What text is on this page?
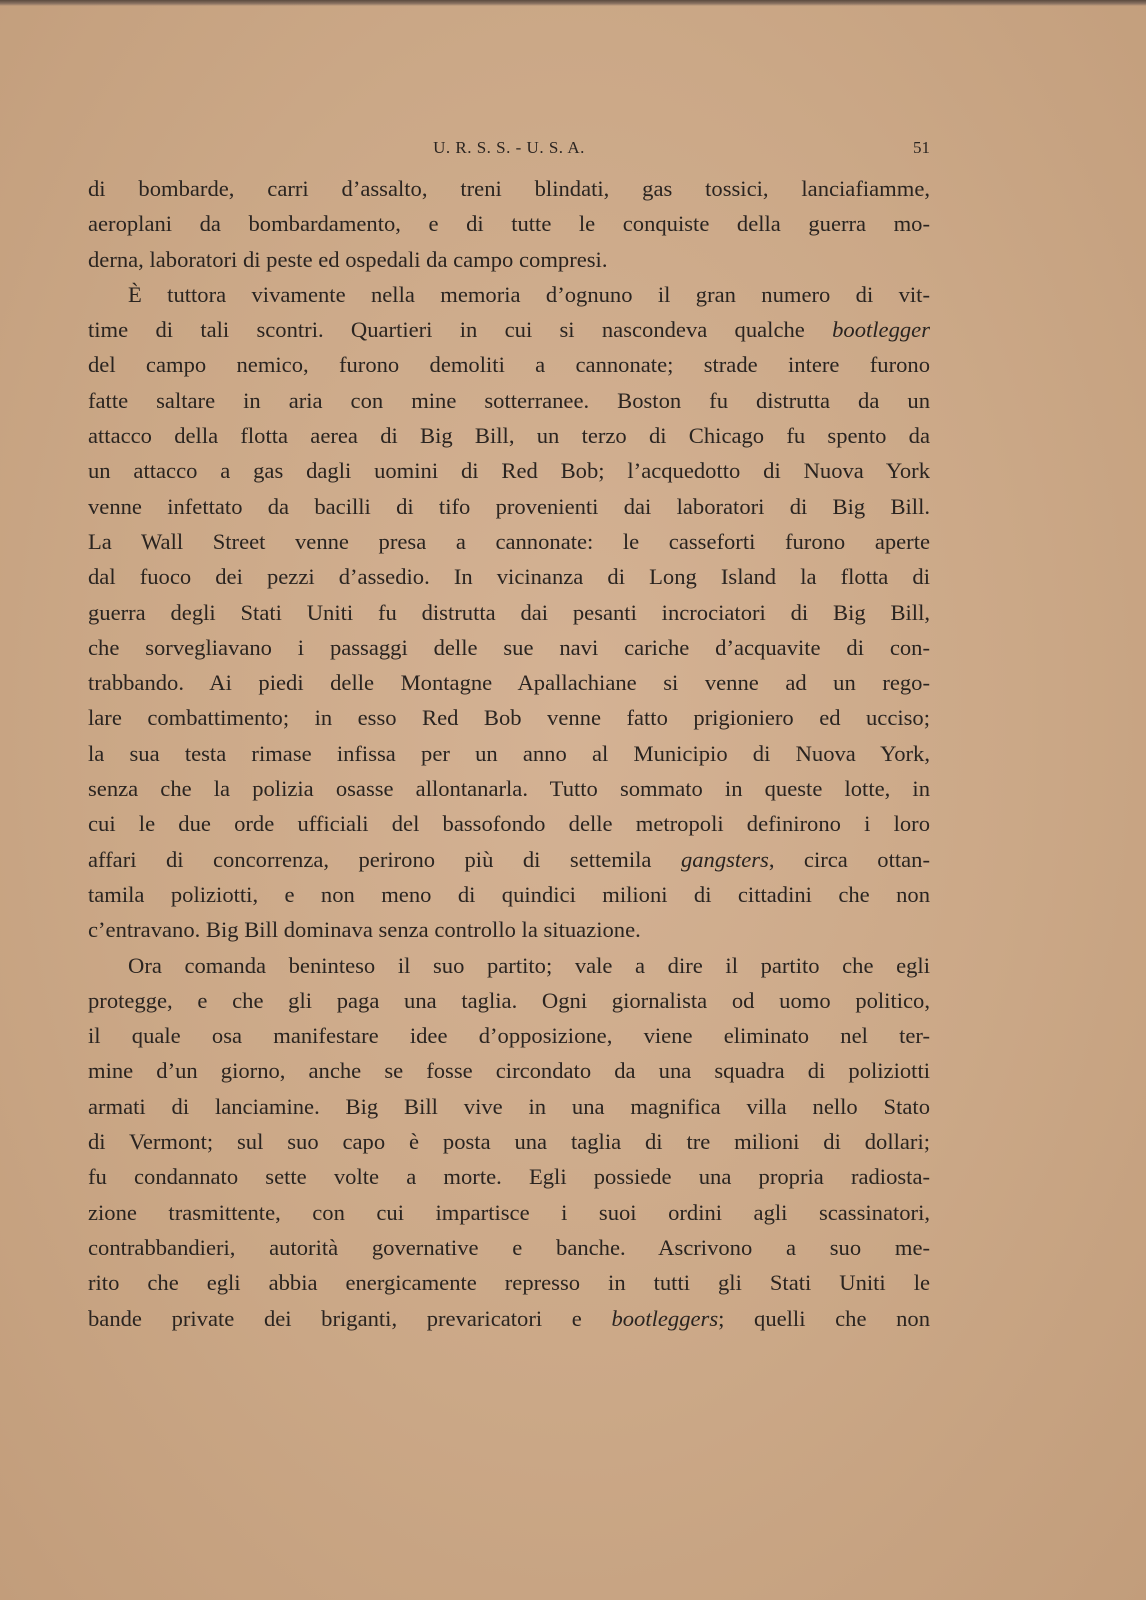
U. R. S. S. - U. S. A.	51
di bombarde, carri d’assalto, treni blindati, gas tossici, lanciafiamme,
aeroplani da bombardamento, e di tutte le conquiste della guerra mo-
derna, laboratori di peste ed ospedali da campo compresi.
È tuttora vivamente nella memoria d’ognuno il gran numero di vit-
time di tali scontri. Quartieri in cui si nascondeva qualche bootlegger
del campo nemico, furono demoliti a cannonate; strade intere furono
fatte saltare in aria con mine sotterranee. Boston fu distrutta da un
attacco della flotta aerea di Big Bill, un terzo di Chicago fu spento da
un attacco a gas dagli uomini di Red Bob; l’acquedotto di Nuova York
venne infettato da bacilli di tifo provenienti dai laboratori di Big Bill.
La Wall Street venne presa a cannonate: le casseforti furono aperte
dal fuoco dei pezzi d’assedio. In vicinanza di Long Island la flotta di
guerra degli Stati Uniti fu distrutta dai pesanti incrociatori di Big Bill,
che sorvegliavano i passaggi delle sue navi cariche d’acquavite di con-
trabbando. Ai piedi delle Montagne Apallachiane si venne ad un rego-
lare combattimento; in esso Red Bob venne fatto prigioniero ed ucciso;
la sua testa rimase infissa per un anno al Municipio di Nuova York,
senza che la polizia osasse allontanarla. Tutto sommato in queste lotte, in
cui le due orde ufficiali del bassofondo delle metropoli definirono i loro
affari di concorrenza, perirono più di settemila gangsters, circa ottan-
tamila poliziotti, e non meno di quindici milioni di cittadini che non
c’entravano. Big Bill dominava senza controllo la situazione.
Ora comanda beninteso il suo partito; vale a dire il partito che egli
protegge, e che gli paga una taglia. Ogni giornalista od uomo politico,
il quale osa manifestare idee d’opposizione, viene eliminato nel ter-
mine d’un giorno, anche se fosse circondato da una squadra di poliziotti
armati di lanciamine. Big Bill vive in una magnifica villa nello Stato
di Vermont; sul suo capo è posta una taglia di tre milioni di dollari;
fu condannato sette volte a morte. Egli possiede una propria radiosta-
zione trasmittente, con cui impartisce i suoi ordini agli scassinatori,
contrabbandieri, autorità governative e banche. Ascrivono a suo me-
rito che egli abbia energicamente represso in tutti gli Stati Uniti le
bande private dei briganti, prevaricatori e bootleggers; quelli che non
